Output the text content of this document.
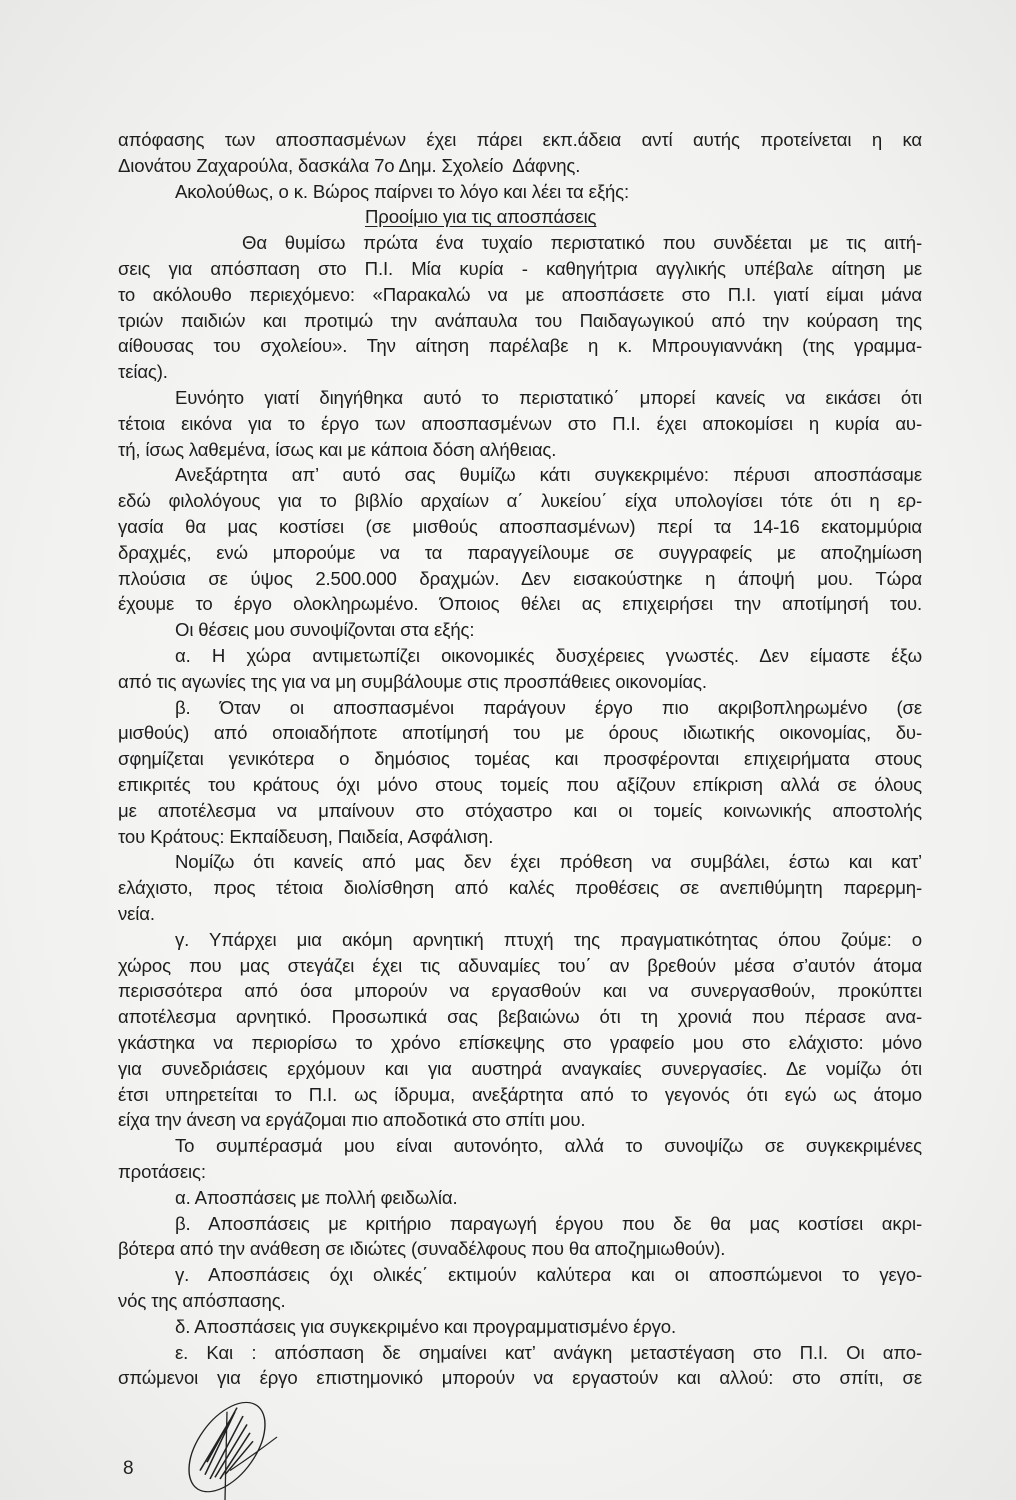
απόφασης των αποσπασμένων έχει πάρει εκπ.άδεια αντί αυτής προτείνεται η κα
Διονάτου Ζαχαρούλα, δασκάλα 7ο Δημ. Σχολείο  Δάφνης.
Ακολούθως, ο κ. Βώρος παίρνει το λόγο και λέει τα εξής:
Προοίμιο για τις αποσπάσεις
Θα θυμίσω πρώτα ένα τυχαίο περιστατικό που συνδέεται με τις αιτή-
σεις για απόσπαση στο Π.Ι. Μία κυρία - καθηγήτρια αγγλικής υπέβαλε αίτηση με
το ακόλουθο περιεχόμενο: «Παρακαλώ να με αποσπάσετε στο Π.Ι. γιατί είμαι μάνα
τριών παιδιών και προτιμώ την ανάπαυλα του Παιδαγωγικού από την κούραση της
αίθουσας του σχολείου». Την αίτηση παρέλαβε η κ. Μπρουγιαννάκη (της γραμμα-
τείας).
Ευνόητο γιατί διηγήθηκα αυτό το περιστατικό΄ μπορεί κανείς να εικάσει ότι
τέτοια εικόνα για το έργο των αποσπασμένων στο Π.Ι. έχει αποκομίσει η κυρία αυ-
τή, ίσως λαθεμένα, ίσως και με κάποια δόση αλήθειας.
Ανεξάρτητα απ’ αυτό σας θυμίζω κάτι συγκεκριμένο: πέρυσι αποσπάσαμε
εδώ φιλολόγους για το βιβλίο αρχαίων α΄ λυκείου΄ είχα υπολογίσει τότε ότι η ερ-
γασία θα μας κοστίσει (σε μισθούς αποσπασμένων) περί τα 14-16 εκατομμύρια
δραχμές, ενώ μπορούμε να τα παραγγείλουμε σε συγγραφείς με αποζημίωση
πλούσια σε ύψος 2.500.000 δραχμών. Δεν εισακούστηκε η άποψή μου. Τώρα
έχουμε το έργο ολοκληρωμένο. Όποιος θέλει ας επιχειρήσει την αποτίμησή του.
Οι θέσεις μου συνοψίζονται στα εξής:
α. Η χώρα αντιμετωπίζει οικονομικές δυσχέρειες γνωστές. Δεν είμαστε έξω
από τις αγωνίες της για να μη συμβάλουμε στις προσπάθειες οικονομίας.
β. Όταν οι αποσπασμένοι παράγουν έργο πιο ακριβοπληρωμένο (σε
μισθούς) από οποιαδήποτε αποτίμησή του με όρους ιδιωτικής οικονομίας, δυ-
σφημίζεται γενικότερα ο δημόσιος τομέας και προσφέρονται επιχειρήματα στους
επικριτές του κράτους όχι μόνο στους τομείς που αξίζουν επίκριση αλλά σε όλους
με αποτέλεσμα να μπαίνουν στο στόχαστρο και οι τομείς κοινωνικής αποστολής
του Κράτους: Εκπαίδευση, Παιδεία, Ασφάλιση.
Νομίζω ότι κανείς από μας δεν έχει πρόθεση να συμβάλει, έστω και κατ’
ελάχιστο, προς τέτοια διολίσθηση από καλές προθέσεις σε ανεπιθύμητη παρερμη-
νεία.
γ. Υπάρχει μια ακόμη αρνητική πτυχή της πραγματικότητας όπου ζούμε: ο
χώρος που μας στεγάζει έχει τις αδυναμίες του΄ αν βρεθούν μέσα σ’αυτόν άτομα
περισσότερα από όσα μπορούν να εργασθούν και να συνεργασθούν, προκύπτει
αποτέλεσμα αρνητικό. Προσωπικά σας βεβαιώνω ότι τη χρονιά που πέρασε ανα-
γκάστηκα να περιορίσω το χρόνο επίσκεψης στο γραφείο μου στο ελάχιστο: μόνο
για συνεδριάσεις ερχόμουν και για αυστηρά αναγκαίες συνεργασίες. Δε νομίζω ότι
έτσι υπηρετείται το Π.Ι. ως ίδρυμα, ανεξάρτητα από το γεγονός ότι εγώ ως άτομο
είχα την άνεση να εργάζομαι πιο αποδοτικά στο σπίτι μου.
Το συμπέρασμά μου είναι αυτονόητο, αλλά το συνοψίζω σε συγκεκριμένες
προτάσεις:
α. Αποσπάσεις με πολλή φειδωλία.
β. Αποσπάσεις με κριτήριο παραγωγή έργου που δε θα μας κοστίσει ακρι-
βότερα από την ανάθεση σε ιδιώτες (συναδέλφους που θα αποζημιωθούν).
γ. Αποσπάσεις όχι ολικές΄ εκτιμούν καλύτερα και οι αποσπώμενοι το γεγο-
νός της απόσπασης.
δ. Αποσπάσεις για συγκεκριμένο και προγραμματισμένο έργο.
ε. Και : απόσπαση δε σημαίνει κατ’ ανάγκη μεταστέγαση στο Π.Ι. Οι απο-
σπώμενοι για έργο επιστημονικό μπορούν να εργαστούν και αλλού: στο σπίτι, σε
8
